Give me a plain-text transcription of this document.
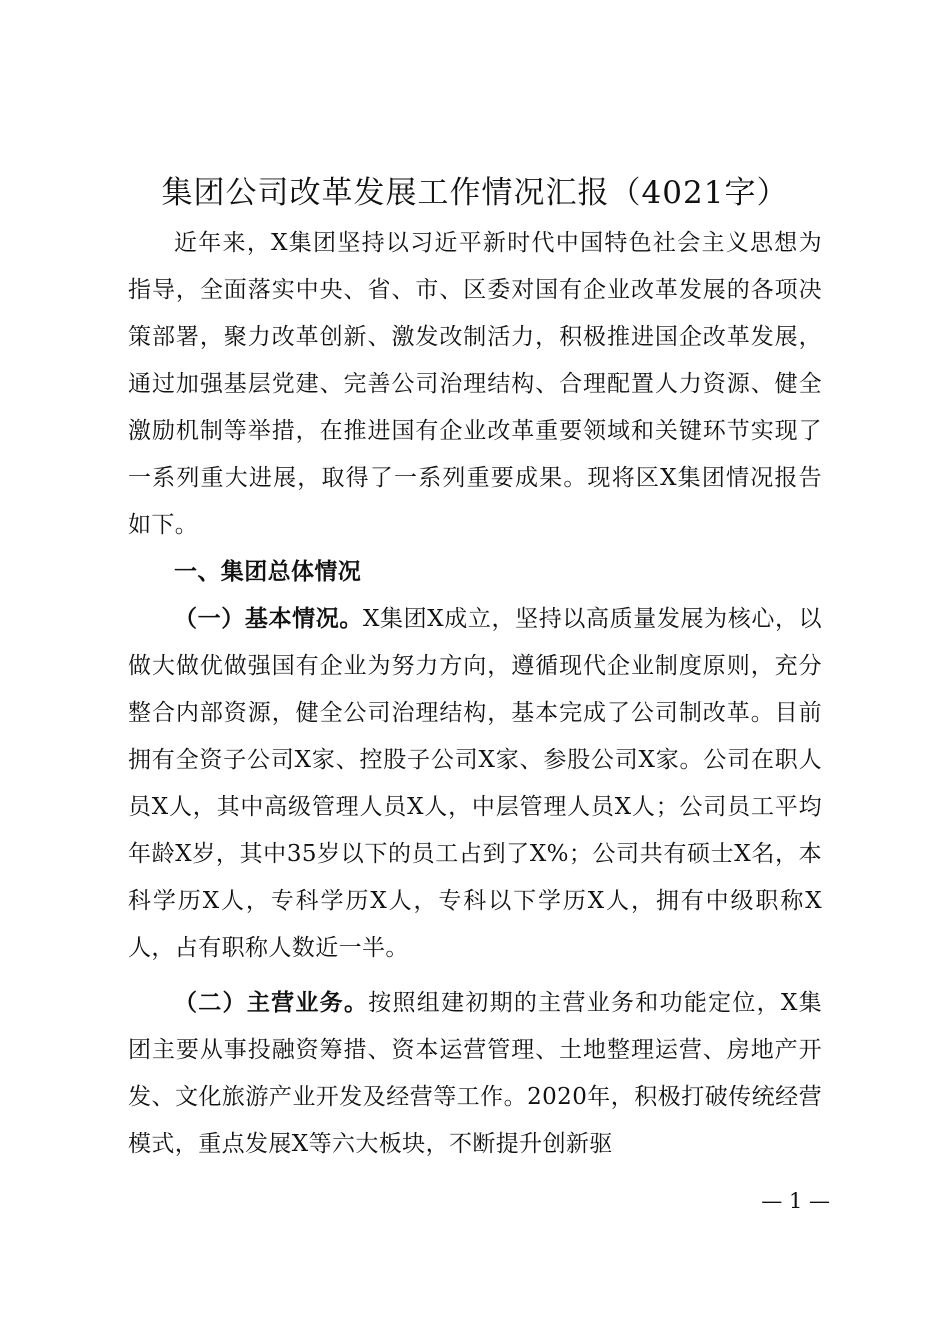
集团公司改革发展工作情况汇报（4021字）

近年来，X集团坚持以习近平新时代中国特色社会主义思想为指导，全面落实中央、省、市、区委对国有企业改革发展的各项决策部署，聚力改革创新、激发改制活力，积极推进国企改革发展，通过加强基层党建、完善公司治理结构、合理配置人力资源、健全激励机制等举措，在推进国有企业改革重要领域和关键环节实现了一系列重大进展，取得了一系列重要成果。现将区X集团情况报告如下。

一、集团总体情况

（一）基本情况。X集团X成立，坚持以高质量发展为核心，以做大做优做强国有企业为努力方向，遵循现代企业制度原则，充分整合内部资源，健全公司治理结构，基本完成了公司制改革。目前拥有全资子公司X家、控股子公司X家、参股公司X家。公司在职人员X人，其中高级管理人员X人，中层管理人员X人；公司员工平均年龄X岁，其中35岁以下的员工占到了X%；公司共有硕士X名，本科学历X人，专科学历X人，专科以下学历X人，拥有中级职称X人，占有职称人数近一半。

（二）主营业务。按照组建初期的主营业务和功能定位，X集团主要从事投融资筹措、资本运营管理、土地整理运营、房地产开发、文化旅游产业开发及经营等工作。2020年，积极打破传统经营模式，重点发展X等六大板块，不断提升创新驱

— 1 —
